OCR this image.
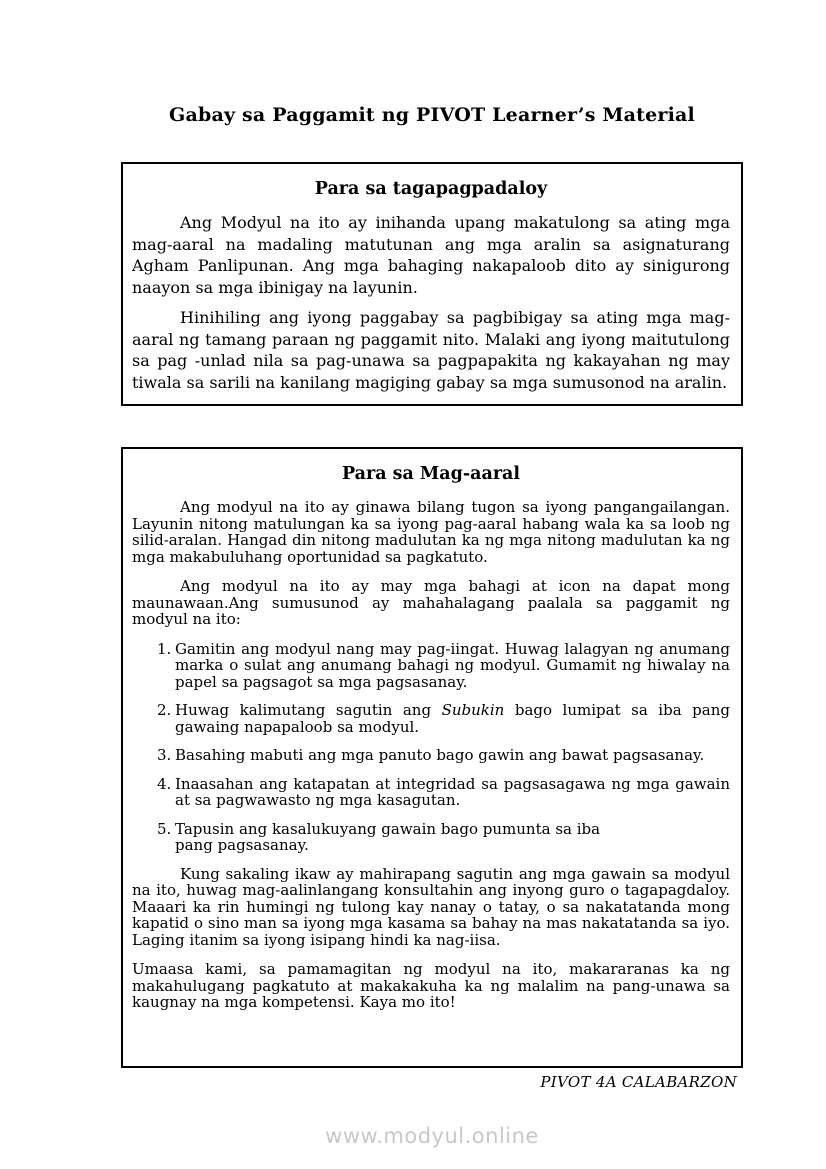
Gabay sa Paggamit ng PIVOT Learner’s Material
Para sa tagapagpadaloy

Ang Modyul na ito ay inihanda upang makatulong sa ating mga mag-aaral na madaling matutunan ang mga aralin sa asignaturang Agham Panlipunan. Ang mga bahaging nakapaloob dito ay sinigurong naayon sa mga ibinigay na layunin.

Hinihiling ang iyong paggabay sa pagbibigay sa ating mga mag-aaral ng tamang paraan ng paggamit nito. Malaki ang iyong maitutulong sa pag -unlad nila sa pag-unawa sa pagpapakita ng kakayahan ng may tiwala sa sarili na kanilang magiging gabay sa mga sumusonod na aralin.

Para sa Mag-aaral

Ang modyul na ito ay ginawa bilang tugon sa iyong pangangailangan. Layunin nitong matulungan ka sa iyong pag-aaral habang wala ka sa loob ng silid-aralan. Hangad din nitong madulutan ka ng mga nitong madulutan ka ng mga makabuluhang oportunidad sa pagkatuto.

Ang modyul na ito ay may mga bahagi at icon na dapat mong maunawaan.Ang sumusunod ay mahahalagang paalala sa paggamit ng modyul na ito:

1. Gamitin ang modyul nang may pag-iingat. Huwag lalagyan ng anumang marka o sulat ang anumang bahagi ng modyul. Gumamit ng hiwalay na papel sa pagsagot sa mga pagsasanay.
2. Huwag kalimutang sagutin ang Subukin bago lumipat sa iba pang gawaing napapaloob sa modyul.
3. Basahing mabuti ang mga panuto bago gawin ang bawat pagsasanay.
4. Inaasahan ang katapatan at integridad sa pagsasagawa ng mga gawain at sa pagwawasto ng mga kasagutan.
5. Tapusin ang kasalukuyang gawain bago pumunta sa iba pang pagsasanay.

Kung sakaling ikaw ay mahirapang sagutin ang mga gawain sa modyul na ito, huwag mag-aalinlangang konsultahin ang inyong guro o tagapagdaloy. Maaari ka rin humingi ng tulong kay nanay o tatay, o sa nakatatanda mong kapatid o sino man sa iyong mga kasama sa bahay na mas nakatatanda sa iyo. Laging itanim sa iyong isipang hindi ka nag-iisa.

Umaasa kami, sa pamamagitan ng modyul na ito, makararanas ka ng makahulugang pagkatuto at makakakuha ka ng malalim na pang-unawa sa kaugnay na mga kompetensi. Kaya mo ito!

PIVOT 4A CALABARZON
www.modyul.online
